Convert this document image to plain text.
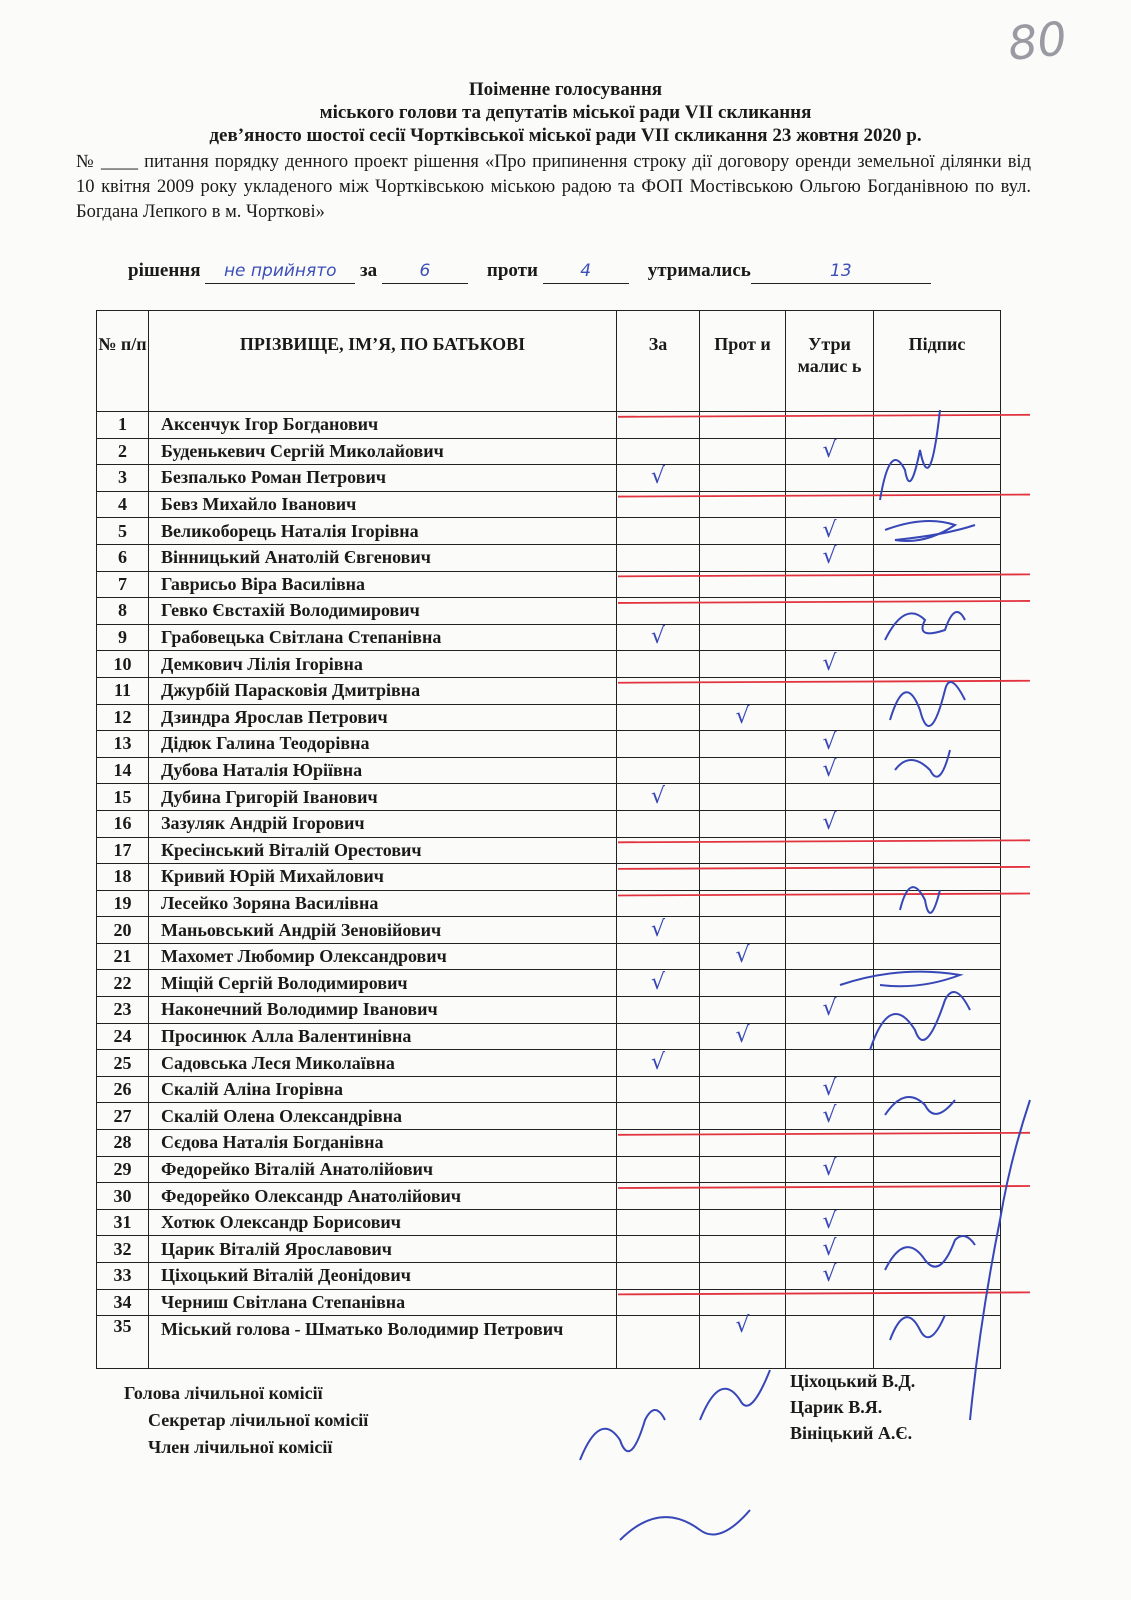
80
Поіменне голосування
міського голови та депутатів міської ради VII скликання
дев’яносто шостої сесії Чортківської міської ради VII скликання 23 жовтня 2020 р.
№ ____ питання порядку денного проект рішення «Про припинення строку дії договору оренди земельної ділянки від 10 квітня 2009 року укладеного між Чортківською міською радою та ФОП Мостівською Ольгою Богданівною по вул. Богдана Лепкого в м. Чорткові»
рішення не прийнято за 6	проти 4	утримались	13
№ п/п	ПРІЗВИЩЕ, ІМ’Я, ПО БАТЬКОВІ	За	Прот и	Утри малис ь	Підпис
1	Аксенчук Ігор Богданович				
2	Буденькевич Сергій Миколайович			√	
3	Безпалько Роман Петрович	√			
4	Бевз Михайло Іванович				
5	Великоборець Наталія Ігорівна			√	
6	Вінницький Анатолій Євгенович			√	
7	Гаврисьо Віра Василівна				
8	Гевко Євстахій Володимирович				
9	Грабовецька Світлана Степанівна	√			
10	Демкович Лілія Ігорівна			√	
11	Джурбій Парасковія Дмитрівна				
12	Дзиндра Ярослав Петрович		√		
13	Дідюк Галина Теодорівна			√	
14	Дубова Наталія Юріївна			√	
15	Дубина Григорій Іванович	√			
16	Зазуляк Андрій Ігорович			√	
17	Кресінський Віталій Орестович				
18	Кривий Юрій Михайлович				
19	Лесейко Зоряна Василівна				
20	Маньовський Андрій Зеновійович	√			
21	Махомет Любомир Олександрович		√		
22	Міщій Сергій Володимирович	√			
23	Наконечний Володимир Іванович			√	
24	Просинюк Алла Валентинівна		√		
25	Садовська Леся Миколаївна	√			
26	Скалій Аліна Ігорівна			√	
27	Скалій Олена Олександрівна			√	
28	Сєдова Наталія Богданівна				
29	Федорейко Віталій Анатолійович			√	
30	Федорейко Олександр Анатолійович				
31	Хотюк Олександр Борисович			√	
32	Царик Віталій Ярославович			√	
33	Ціхоцький Віталій Деонідович			√	
34	Черниш Світлана Степанівна				
35	Міський голова - Шматько Володимир Петрович		√		
Голова лічильної комісії
Секретар лічильної комісії
Член лічильної комісії
Ціхоцький В.Д.
Царик В.Я.
Вініцький А.Є.
